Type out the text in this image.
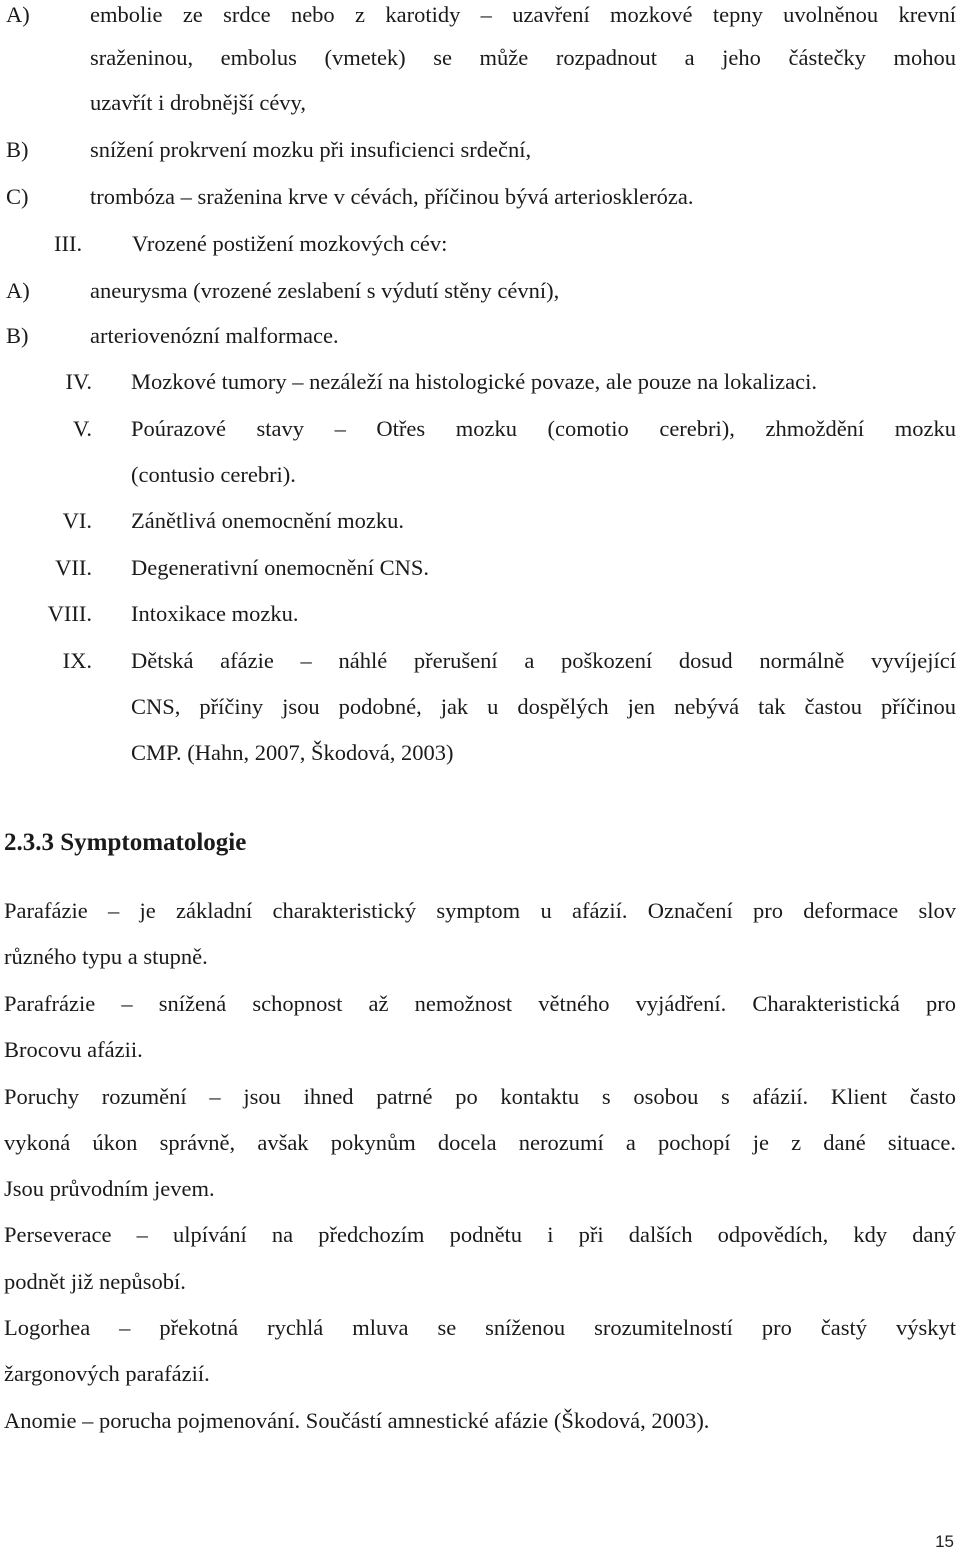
A)	embolie ze srdce nebo z karotidy – uzavření mozkové tepny uvolněnou krevní
sraženinou, embolus (vmetek) se může rozpadnout a jeho částečky mohou
uzavřít i drobnější cévy,
B)	snížení prokrvení mozku při insuficienci srdeční,
C)	trombóza – sraženina krve v cévách, příčinou bývá arterioskleróza.
III. Vrozené postižení mozkových cév:
A)	aneurysma (vrozené zeslabení s výdutí stěny cévní),
B)	arteriovenózní malformace.
IV. Mozkové tumory – nezáleží na histologické povaze, ale pouze na lokalizaci.
V. Poúrazové stavy – Otřes mozku (comotio cerebri), zhmoždění mozku
(contusio cerebri).
VI. Zánětlivá onemocnění mozku.
VII. Degenerativní onemocnění CNS.
VIII. Intoxikace mozku.
IX. Dětská afázie – náhlé přerušení a poškození dosud normálně vyvíjející
CNS, příčiny jsou podobné, jak u dospělých jen nebývá tak častou příčinou
CMP. (Hahn, 2007, Škodová, 2003)
2.3.3 Symptomatologie
Parafázie – je základní charakteristický symptom u afázií. Označení pro deformace slov
různého typu a stupně.
Parafrázie – snížená schopnost až nemožnost větného vyjádření. Charakteristická pro
Brocovu afázii.
Poruchy rozumění – jsou ihned patrné po kontaktu s osobou s afázií. Klient často
vykoná úkon správně, avšak pokynům docela nerozumí a pochopí je z dané situace.
Jsou průvodním jevem.
Perseverace – ulpívání na předchozím podnětu i při dalších odpovědích, kdy daný
podnět již nepůsobí.
Logorhea – překotná rychlá mluva se sníženou srozumitelností pro častý výskyt
žargonových parafázií.
Anomie – porucha pojmenování. Součástí amnestické afázie (Škodová, 2003).
15
